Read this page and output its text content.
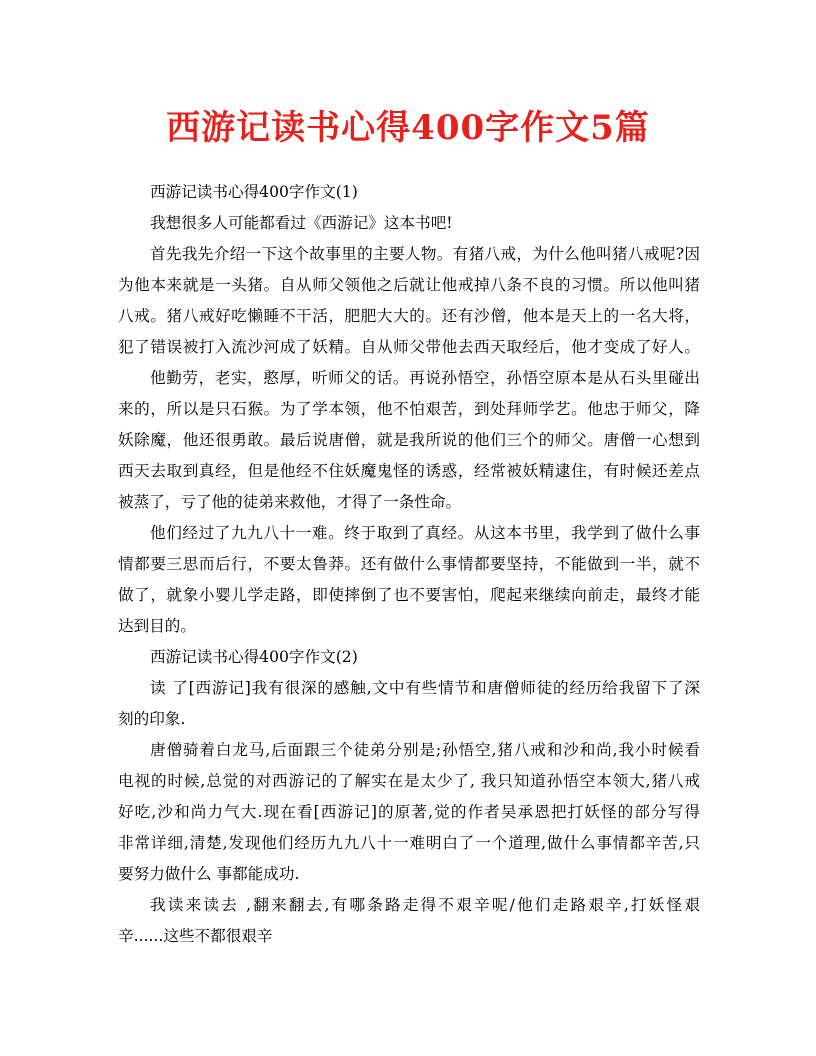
西游记读书心得400字作文5篇
西游记读书心得400字作文(1)
我想很多人可能都看过《西游记》这本书吧!
首先我先介绍一下这个故事里的主要人物。有猪八戒，为什么他叫猪八戒呢?因
为他本来就是一头猪。自从师父领他之后就让他戒掉八条不良的习惯。所以他叫猪
八戒。猪八戒好吃懒睡不干活，肥肥大大的。还有沙僧，他本是天上的一名大将，
犯了错误被打入流沙河成了妖精。自从师父带他去西天取经后，他才变成了好人。
他勤劳，老实，憨厚，听师父的话。再说孙悟空，孙悟空原本是从石头里碰出
来的，所以是只石猴。为了学本领，他不怕艰苦，到处拜师学艺。他忠于师父，降
妖除魔，他还很勇敢。最后说唐僧，就是我所说的他们三个的师父。唐僧一心想到
西天去取到真经，但是他经不住妖魔鬼怪的诱惑，经常被妖精逮住，有时候还差点
被蒸了，亏了他的徒弟来救他，才得了一条性命。
他们经过了九九八十一难。终于取到了真经。从这本书里，我学到了做什么事
情都要三思而后行，不要太鲁莽。还有做什么事情都要坚持，不能做到一半，就不
做了，就象小婴儿学走路，即使摔倒了也不要害怕，爬起来继续向前走，最终才能
达到目的。
西游记读书心得400字作文(2)
读 了[西游记]我有很深的感触,文中有些情节和唐僧师徒的经历给我留下了深
刻的印象.
唐僧骑着白龙马,后面跟三个徒弟分别是;孙悟空,猪八戒和沙和尚,我小时候看
电视的时候,总觉的对西游记的了解实在是太少了, 我只知道孙悟空本领大,猪八戒
好吃,沙和尚力气大.现在看[西游记]的原著,觉的作者吴承恩把打妖怪的部分写得
非常详细,清楚,发现他们经历九九八十一难明白了一个道理,做什么事情都辛苦,只
要努力做什么 事都能成功.
我读来读去 ,翻来翻去,有哪条路走得不艰辛呢/他们走路艰辛,打妖怪艰
辛......这些不都很艰辛
